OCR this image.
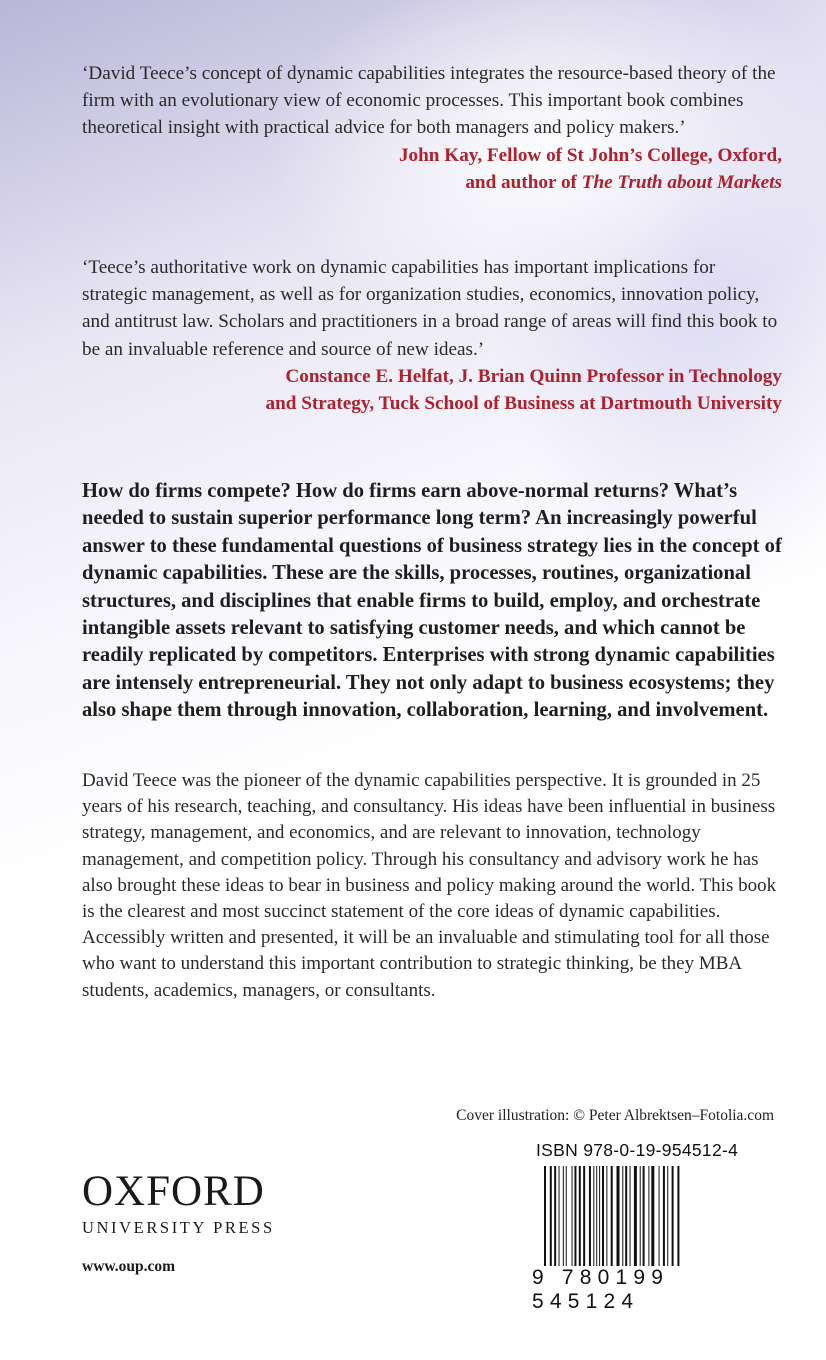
‘David Teece’s concept of dynamic capabilities integrates the resource-based theory of the firm with an evolutionary view of economic processes. This important book combines theoretical insight with practical advice for both managers and policy makers.’

John Kay, Fellow of St John’s College, Oxford,
and author of The Truth about Markets

‘Teece’s authoritative work on dynamic capabilities has important implications for strategic management, as well as for organization studies, economics, innovation policy, and antitrust law. Scholars and practitioners in a broad range of areas will find this book to be an invaluable reference and source of new ideas.’

Constance E. Helfat, J. Brian Quinn Professor in Technology
and Strategy, Tuck School of Business at Dartmouth University

How do firms compete? How do firms earn above-normal returns? What’s needed to sustain superior performance long term? An increasingly powerful answer to these fundamental questions of business strategy lies in the concept of dynamic capabilities. These are the skills, processes, routines, organizational structures, and disciplines that enable firms to build, employ, and orchestrate intangible assets relevant to satisfying customer needs, and which cannot be readily replicated by competitors. Enterprises with strong dynamic capabilities are intensely entrepreneurial. They not only adapt to business ecosystems; they also shape them through innovation, collaboration, learning, and involvement.

David Teece was the pioneer of the dynamic capabilities perspective. It is grounded in 25 years of his research, teaching, and consultancy. His ideas have been influential in business strategy, management, and economics, and are relevant to innovation, technology management, and competition policy. Through his consultancy and advisory work he has also brought these ideas to bear in business and policy making around the world. This book is the clearest and most succinct statement of the core ideas of dynamic capabilities. Accessibly written and presented, it will be an invaluable and stimulating tool for all those who want to understand this important contribution to strategic thinking, be they MBA students, academics, managers, or consultants.

Cover illustration: © Peter Albrektsen–Fotolia.com
OXFORD
UNIVERSITY PRESS
www.oup.com
ISBN 978-0-19-954512-4
9 780199 545124
